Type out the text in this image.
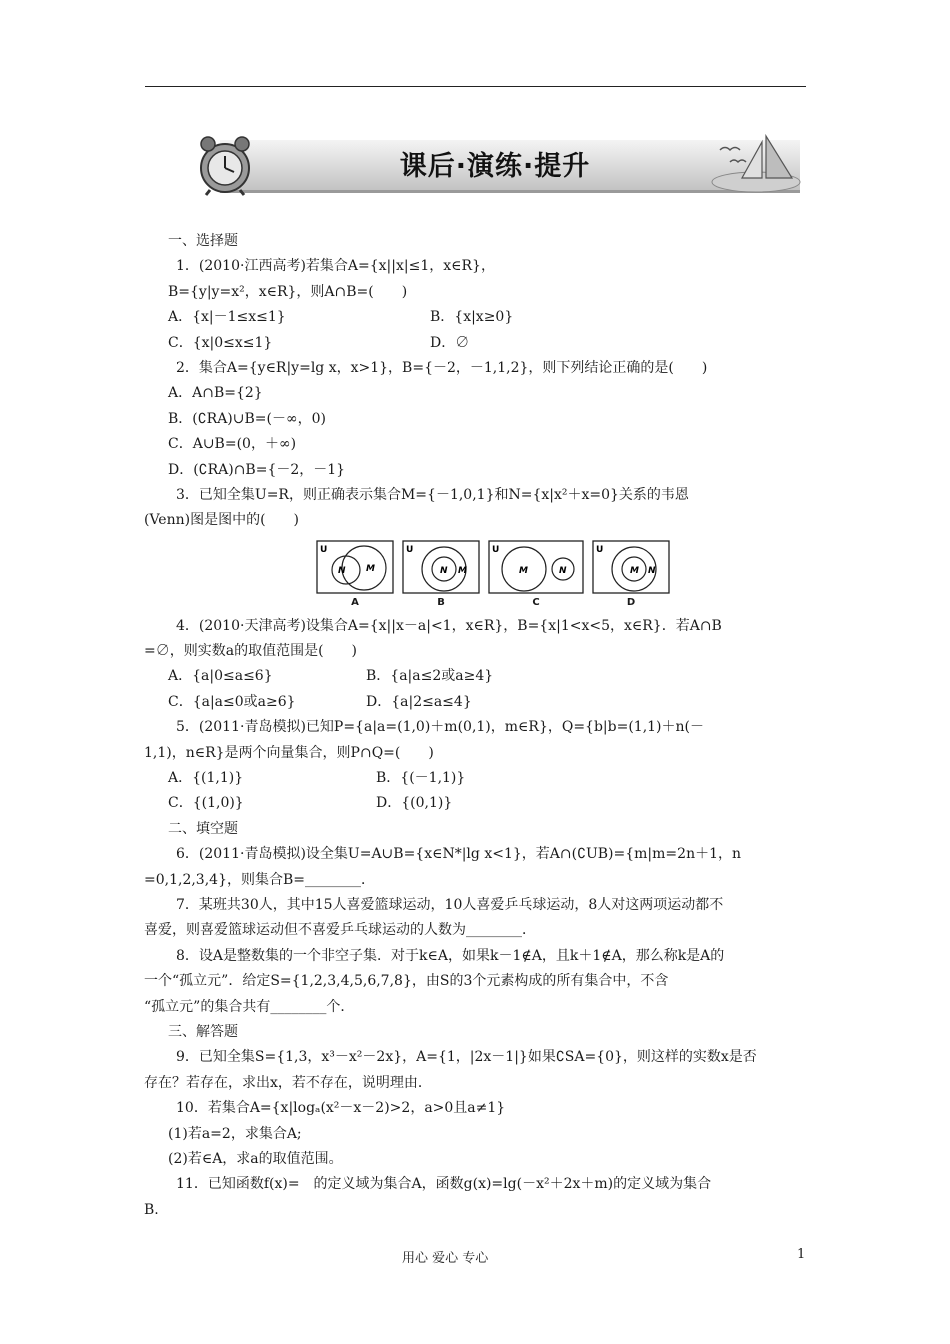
课后·演练·提升
一、选择题
1．(2010·江西高考)若集合A={x||x|≤1，x∈R}，
B={y|y=x²，x∈R}，则A∩B=(　　)
A．{x|－1≤x≤1}	B．{x|x≥0}
C．{x|0≤x≤1}	D．∅
2．集合A={y∈R|y=lg x，x>1}，B={－2，－1,1,2}，则下列结论正确的是(　　)
A．A∩B={2}
B．(∁RA)∪B=(－∞，0)
C．A∪B=(0，＋∞)
D．(∁RA)∩B={－2，－1}
3．已知全集U=R，则正确表示集合M={－1,0,1}和N={x|x²＋x=0}关系的韦恩
(Venn)图是图中的(　　)
U
N M
A
U
N M
B
U
M	N
C
U
M N
D
4．(2010·天津高考)设集合A={x||x－a|<1，x∈R}，B={x|1<x<5，x∈R}．若A∩B
=∅，则实数a的取值范围是(　　)
A．{a|0≤a≤6}	B．{a|a≤2或a≥4}
C．{a|a≤0或a≥6}	D．{a|2≤a≤4}
5．(2011·青岛模拟)已知P={a|a=(1,0)＋m(0,1)，m∈R}，Q={b|b=(1,1)＋n(－
1,1)，n∈R}是两个向量集合，则P∩Q=(　　)
A．{(1,1)}	B．{(－1,1)}
C．{(1,0)}	D．{(0,1)}
二、填空题
6．(2011·青岛模拟)设全集U=A∪B={x∈N*|lg x<1}，若A∩(∁UB)={m|m=2n＋1，n
=0,1,2,3,4}，则集合B=________．
7．某班共30人，其中15人喜爱篮球运动，10人喜爱乒乓球运动，8人对这两项运动都不
喜爱，则喜爱篮球运动但不喜爱乒乓球运动的人数为________．
8．设A是整数集的一个非空子集．对于k∈A，如果k－1∉A，且k＋1∉A，那么称k是A的
一个“孤立元”．给定S={1,2,3,4,5,6,7,8}，由S的3个元素构成的所有集合中，不含
“孤立元”的集合共有________个．
三、解答题
9．已知全集S={1,3，x³－x²－2x}，A={1，|2x－1|}如果∁SA={0}，则这样的实数x是否
存在？若存在，求出x，若不存在，说明理由．
10．若集合A={x|logₐ(x²－x－2)>2，a>0且a≠1}
(1)若a=2，求集合A;
(2)若∈A，求a的取值范围。
11．已知函数f(x)=　的定义域为集合A，函数g(x)=lg(－x²＋2x＋m)的定义域为集合
B.
用心 爱心 专心	1
